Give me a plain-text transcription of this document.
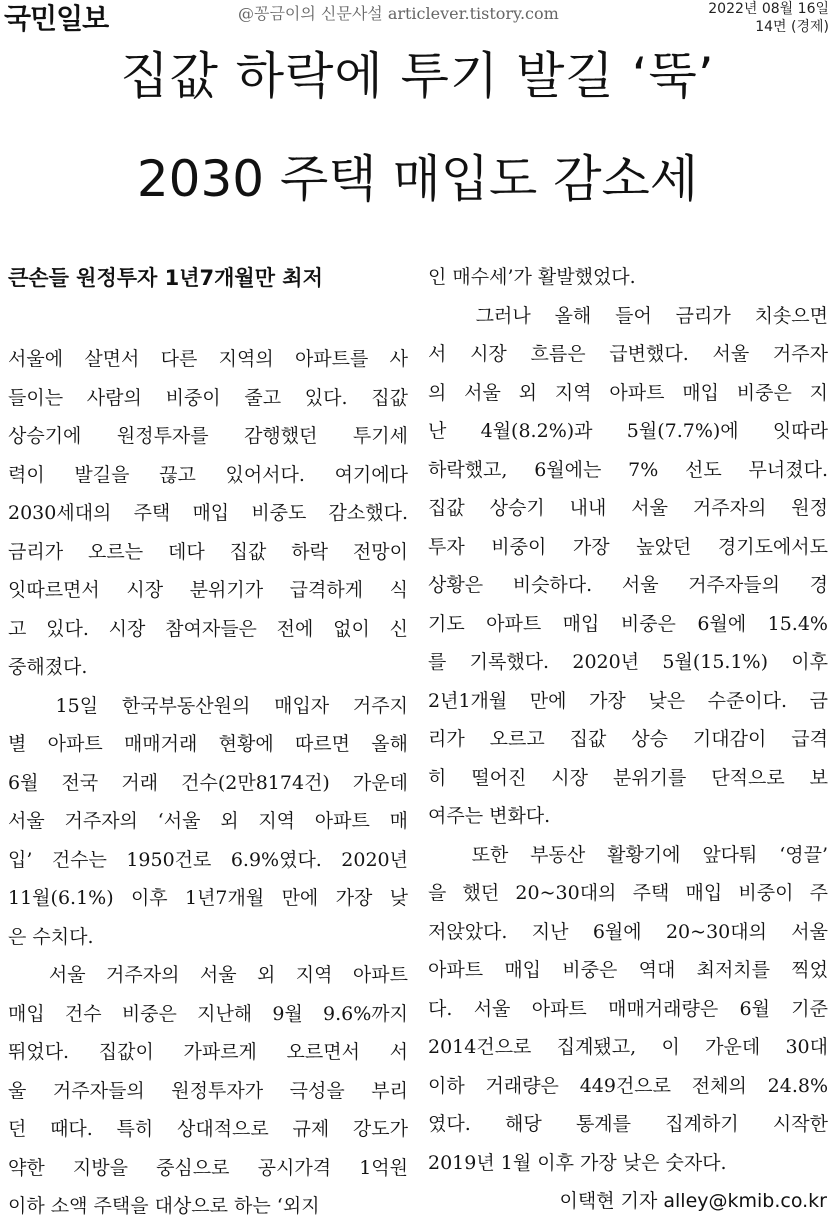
국민일보	@꽁금이의 신문사설 articlever.tistory.com	2022년 08월 16일
14면 (경제)
집값 하락에 투기 발길 ‘뚝’
2030 주택 매입도 감소세
큰손들 원정투자 1년7개월만 최저
서울에 살면서 다른 지역의 아파트를 사
들이는 사람의 비중이 줄고 있다. 집값
상승기에 원정투자를 감행했던 투기세
력이 발길을 끊고 있어서다. 여기에다
2030세대의 주택 매입 비중도 감소했다.
금리가 오르는 데다 집값 하락 전망이
잇따르면서 시장 분위기가 급격하게 식
고 있다. 시장 참여자들은 전에 없이 신
중해졌다.
15일 한국부동산원의 매입자 거주지
별 아파트 매매거래 현황에 따르면 올해
6월 전국 거래 건수(2만8174건) 가운데
서울 거주자의 ‘서울 외 지역 아파트 매
입’ 건수는 1950건로 6.9%였다. 2020년
11월(6.1%) 이후 1년7개월 만에 가장 낮
은 수치다.
서울 거주자의 서울 외 지역 아파트
매입 건수 비중은 지난해 9월 9.6%까지
뛰었다. 집값이 가파르게 오르면서 서
울 거주자들의 원정투자가 극성을 부리
던 때다. 특히 상대적으로 규제 강도가
약한 지방을 중심으로 공시가격 1억원
이하 소액 주택을 대상으로 하는 ‘외지
인 매수세’가 활발했었다.
그러나 올해 들어 금리가 치솟으면
서 시장 흐름은 급변했다. 서울 거주자
의 서울 외 지역 아파트 매입 비중은 지
난 4월(8.2%)과 5월(7.7%)에 잇따라
하락했고, 6월에는 7% 선도 무너졌다.
집값 상승기 내내 서울 거주자의 원정
투자 비중이 가장 높았던 경기도에서도
상황은 비슷하다. 서울 거주자들의 경
기도 아파트 매입 비중은 6월에 15.4%
를 기록했다. 2020년 5월(15.1%) 이후
2년1개월 만에 가장 낮은 수준이다. 금
리가 오르고 집값 상승 기대감이 급격
히 떨어진 시장 분위기를 단적으로 보
여주는 변화다.
또한 부동산 활황기에 앞다퉈 ‘영끌’
을 했던 20~30대의 주택 매입 비중이 주
저앉았다. 지난 6월에 20~30대의 서울
아파트 매입 비중은 역대 최저치를 찍었
다. 서울 아파트 매매거래량은 6월 기준
2014건으로 집계됐고, 이 가운데 30대
이하 거래량은 449건으로 전체의 24.8%
였다. 해당 통계를 집계하기 시작한
2019년 1월 이후 가장 낮은 숫자다.
이택현 기자 alley@kmib.co.kr
